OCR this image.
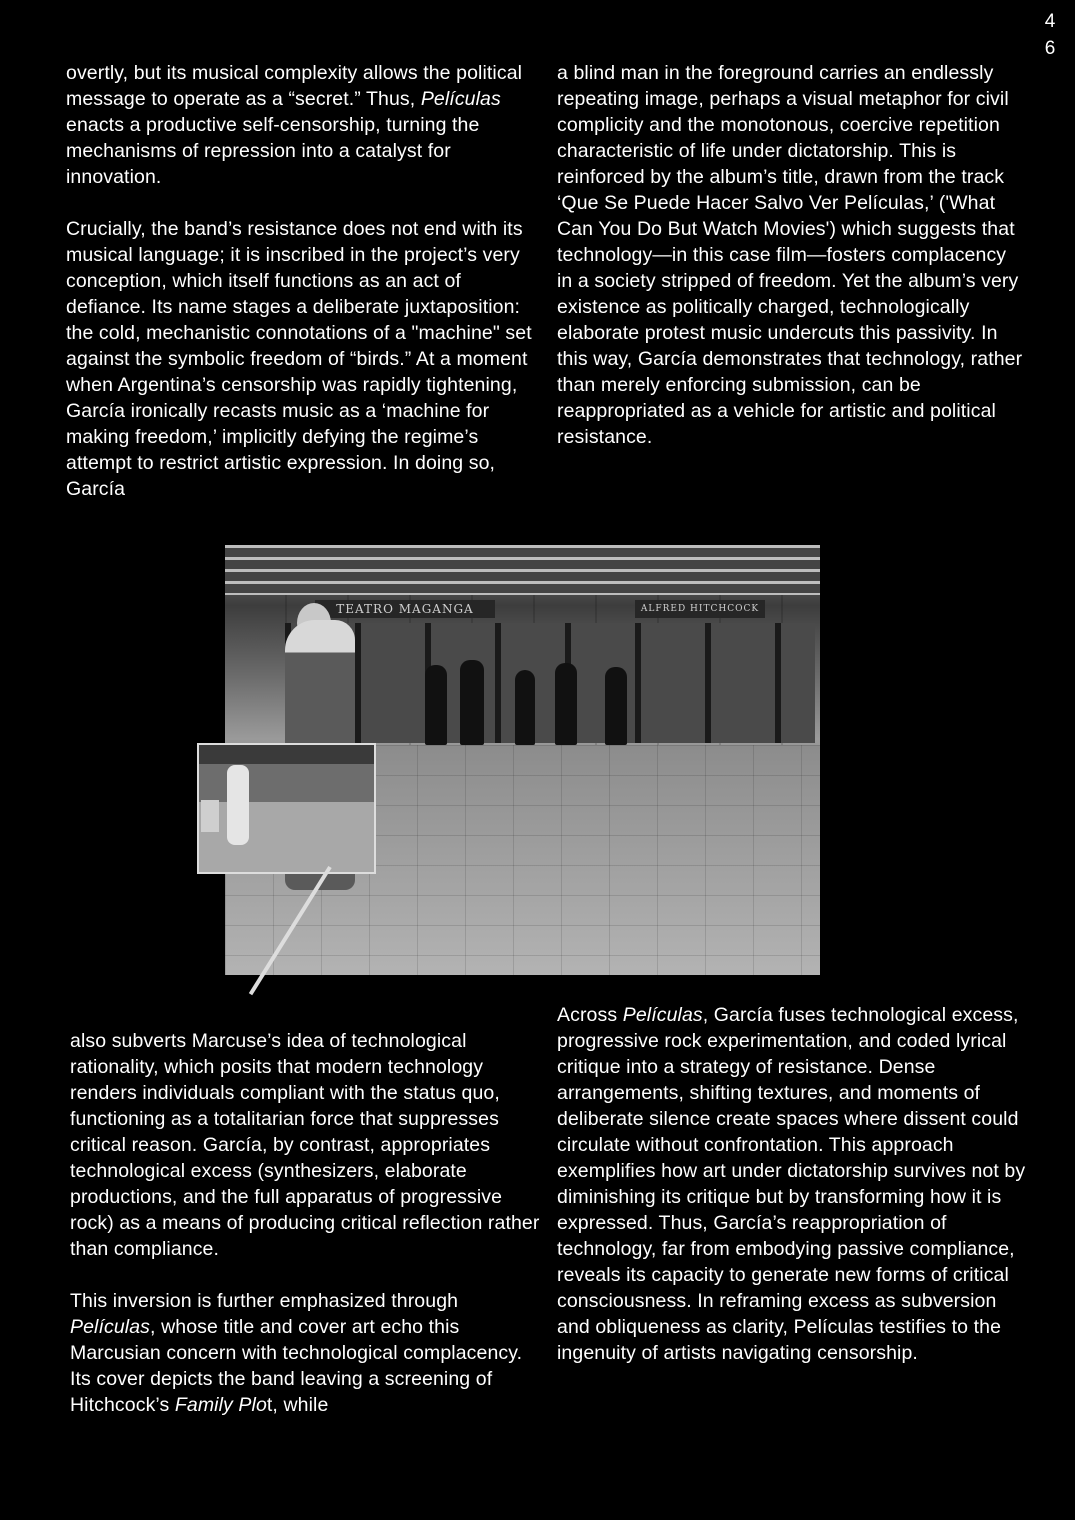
4
6

overtly, but its musical complexity allows the political message to operate as a “secret.” Thus, Películas enacts a productive self-censorship, turning the mechanisms of repression into a catalyst for innovation.

Crucially, the band’s resistance does not end with its musical language; it is inscribed in the project’s very conception, which itself functions as an act of defiance. Its name stages a deliberate juxtaposition: the cold, mechanistic connotations of a "machine" set against the symbolic freedom of “birds.” At a moment when Argentina’s censorship was rapidly tightening, García ironically recasts music as a ‘machine for making freedom,’ implicitly defying the regime’s attempt to restrict artistic expression. In doing so, García

a blind man in the foreground carries an endlessly repeating image, perhaps a visual metaphor for civil complicity and the monotonous, coercive repetition characteristic of life under dictatorship. This is reinforced by the album’s title, drawn from the track ‘Que Se Puede Hacer Salvo Ver Películas,’ ('What Can You Do But Watch Movies') which suggests that technology—in this case film—fosters complacency in a society stripped of freedom. Yet the album’s very existence as politically charged, technologically elaborate protest music undercuts this passivity. In this way, García demonstrates that technology, rather than merely enforcing submission, can be reappropriated as a vehicle for artistic and political resistance.

TEATRO MAGANGA	ALFRED HITCHCOCK

also subverts Marcuse’s idea of technological rationality, which posits that modern technology renders individuals compliant with the status quo, functioning as a totalitarian force that suppresses critical reason. García, by contrast, appropriates technological excess (synthesizers, elaborate productions, and the full apparatus of progressive rock) as a means of producing critical reflection rather than compliance.

This inversion is further emphasized through Películas, whose title and cover art echo this Marcusian concern with technological complacency. Its cover depicts the band leaving a screening of Hitchcock’s Family Plot, while

Across Películas, García fuses technological excess, progressive rock experimentation, and coded lyrical critique into a strategy of resistance. Dense arrangements, shifting textures, and moments of deliberate silence create spaces where dissent could circulate without confrontation. This approach exemplifies how art under dictatorship survives not by diminishing its critique but by transforming how it is expressed. Thus, García’s reappropriation of technology, far from embodying passive compliance, reveals its capacity to generate new forms of critical consciousness. In reframing excess as subversion and obliqueness as clarity, Películas testifies to the ingenuity of artists navigating censorship.
